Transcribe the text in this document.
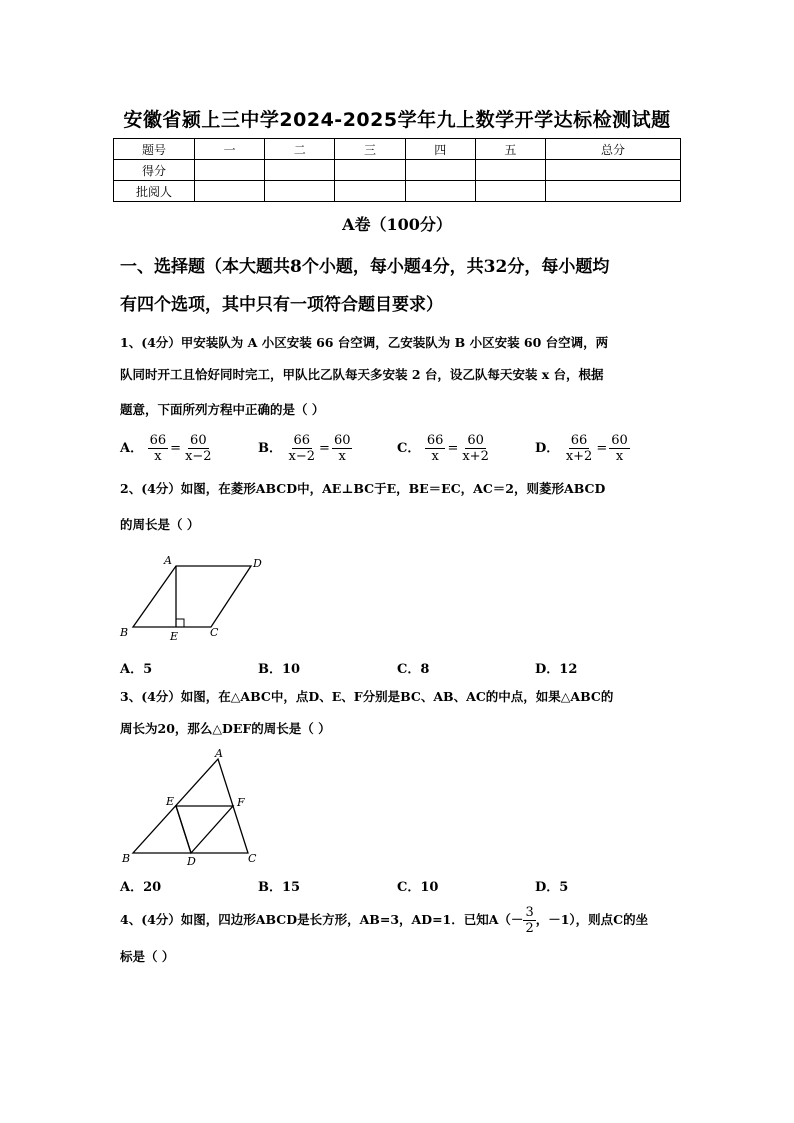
安徽省颍上三中学2024-2025学年九上数学开学达标检测试题
题号	一	二	三	四	五	总分
得分						
批阅人						
A卷（100分）
一、选择题（本大题共8个小题，每小题4分，共32分，每小题均
有四个选项，其中只有一项符合题目要求）
1、(4分）甲安装队为 A 小区安装 66 台空调，乙安装队为 B 小区安装 60 台空调，两
队同时开工且恰好同时完工，甲队比乙队每天多安装 2 台，设乙队每天安装 x 台，根据
题意，下面所列方程中正确的是（ ）
A． $\frac{66}{x} = \frac{60}{x-2}$	B． $\frac{66}{x-2} = \frac{60}{x}$	C． $\frac{66}{x} = \frac{60}{x+2}$	D． $\frac{66}{x+2} = \frac{60}{x}$
2、(4分）如图，在菱形ABCD中，AE⊥BC于E，BE＝EC，AC＝2，则菱形ABCD
的周长是（ ）
A	D
B	E	C
A．5	B．10	C．8	D．12
3、(4分）如图，在△ABC中，点D、E、F分别是BC、AB、AC的中点，如果△ABC的
周长为20，那么△DEF的周长是（ ）
A
E	F
B	D	C
A．20	B．15	C．10	D．5
4、(4分）如图，四边形ABCD是长方形，AB=3，AD=1．已知$A(- \frac{3}{2}$ ，－1），则点C的坐
标是（ ）
